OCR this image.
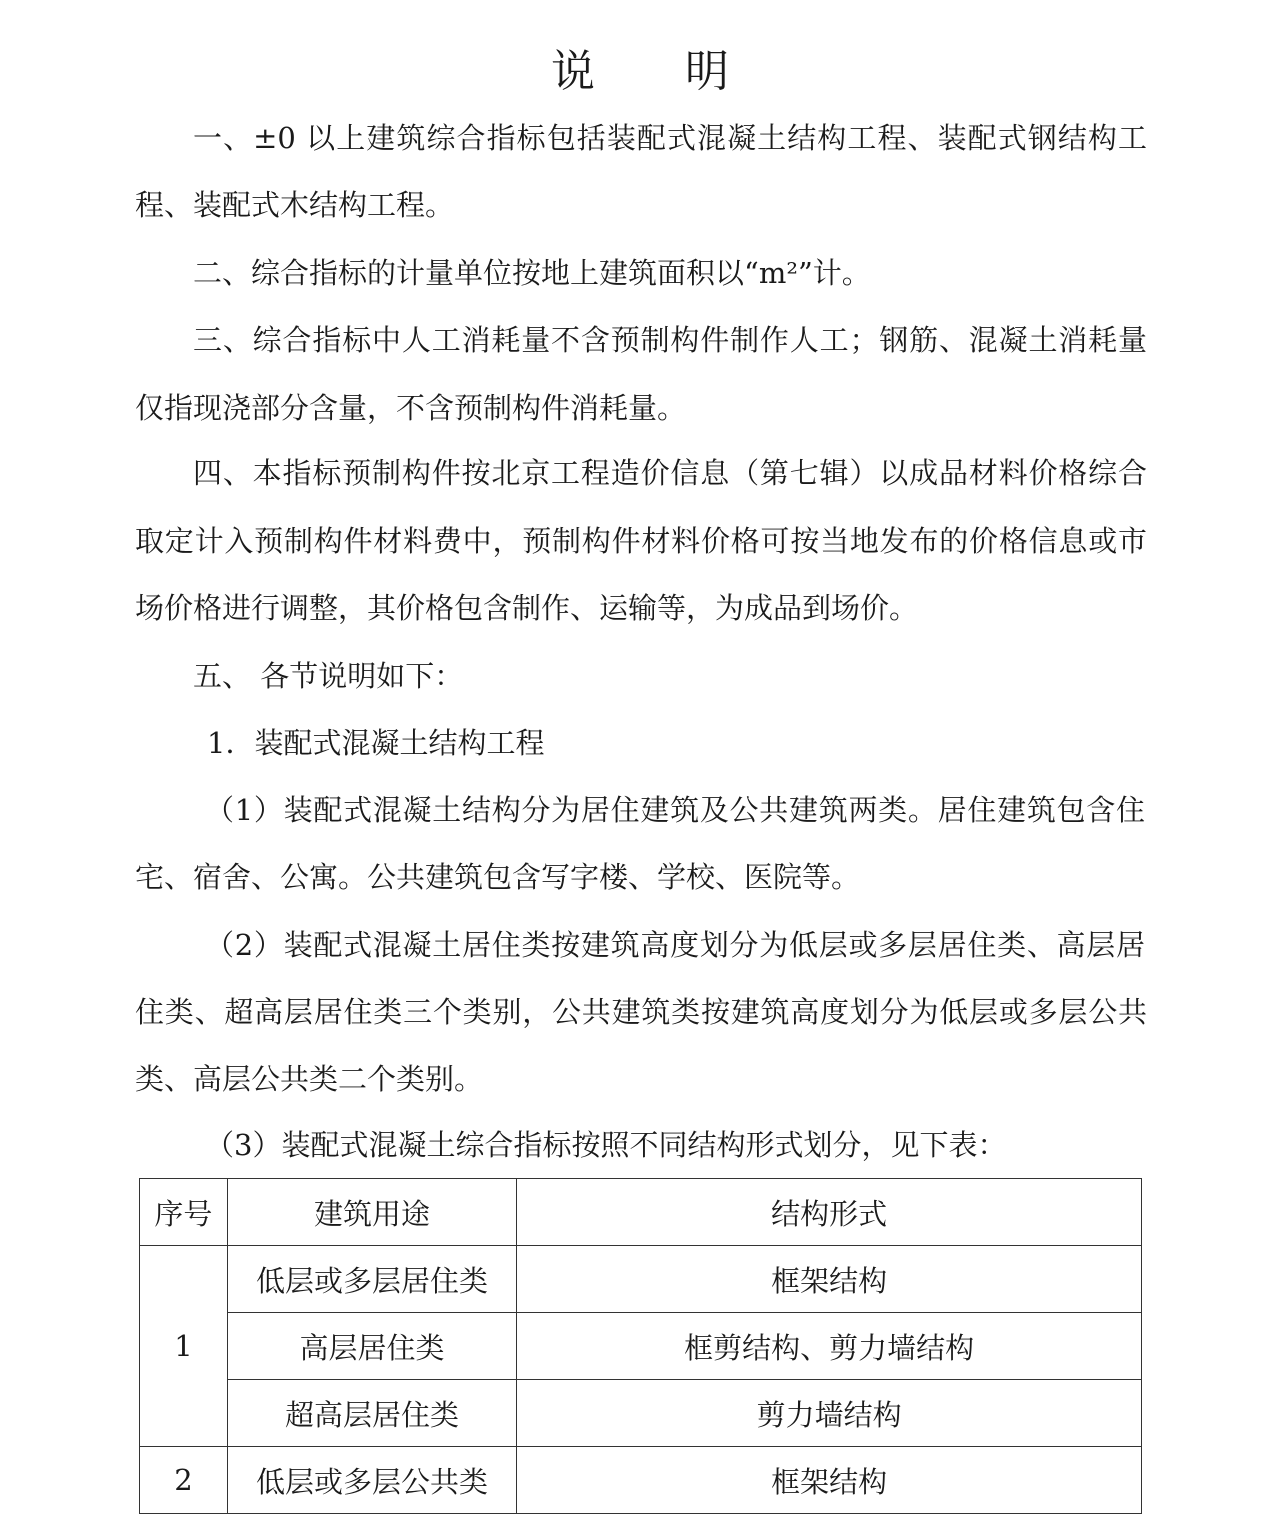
说 明
一、±0 以上建筑综合指标包括装配式混凝土结构工程、装配式钢结构工
程、装配式木结构工程。
二、综合指标的计量单位按地上建筑面积以“m²”计。
三、综合指标中人工消耗量不含预制构件制作人工；钢筋、混凝土消耗量
仅指现浇部分含量，不含预制构件消耗量。
四、本指标预制构件按北京工程造价信息（第七辑）以成品材料价格综合
取定计入预制构件材料费中，预制构件材料价格可按当地发布的价格信息或市
场价格进行调整，其价格包含制作、运输等，为成品到场价。
五、 各节说明如下：
1．装配式混凝土结构工程
（1）装配式混凝土结构分为居住建筑及公共建筑两类。居住建筑包含住
宅、宿舍、公寓。公共建筑包含写字楼、学校、医院等。
（2）装配式混凝土居住类按建筑高度划分为低层或多层居住类、高层居
住类、超高层居住类三个类别，公共建筑类按建筑高度划分为低层或多层公共
类、高层公共类二个类别。
（3）装配式混凝土综合指标按照不同结构形式划分，见下表：
序号	建筑用途	结构形式
1	低层或多层居住类	框架结构
	高层居住类	框剪结构、剪力墙结构
	超高层居住类	剪力墙结构
2	低层或多层公共类	框架结构
